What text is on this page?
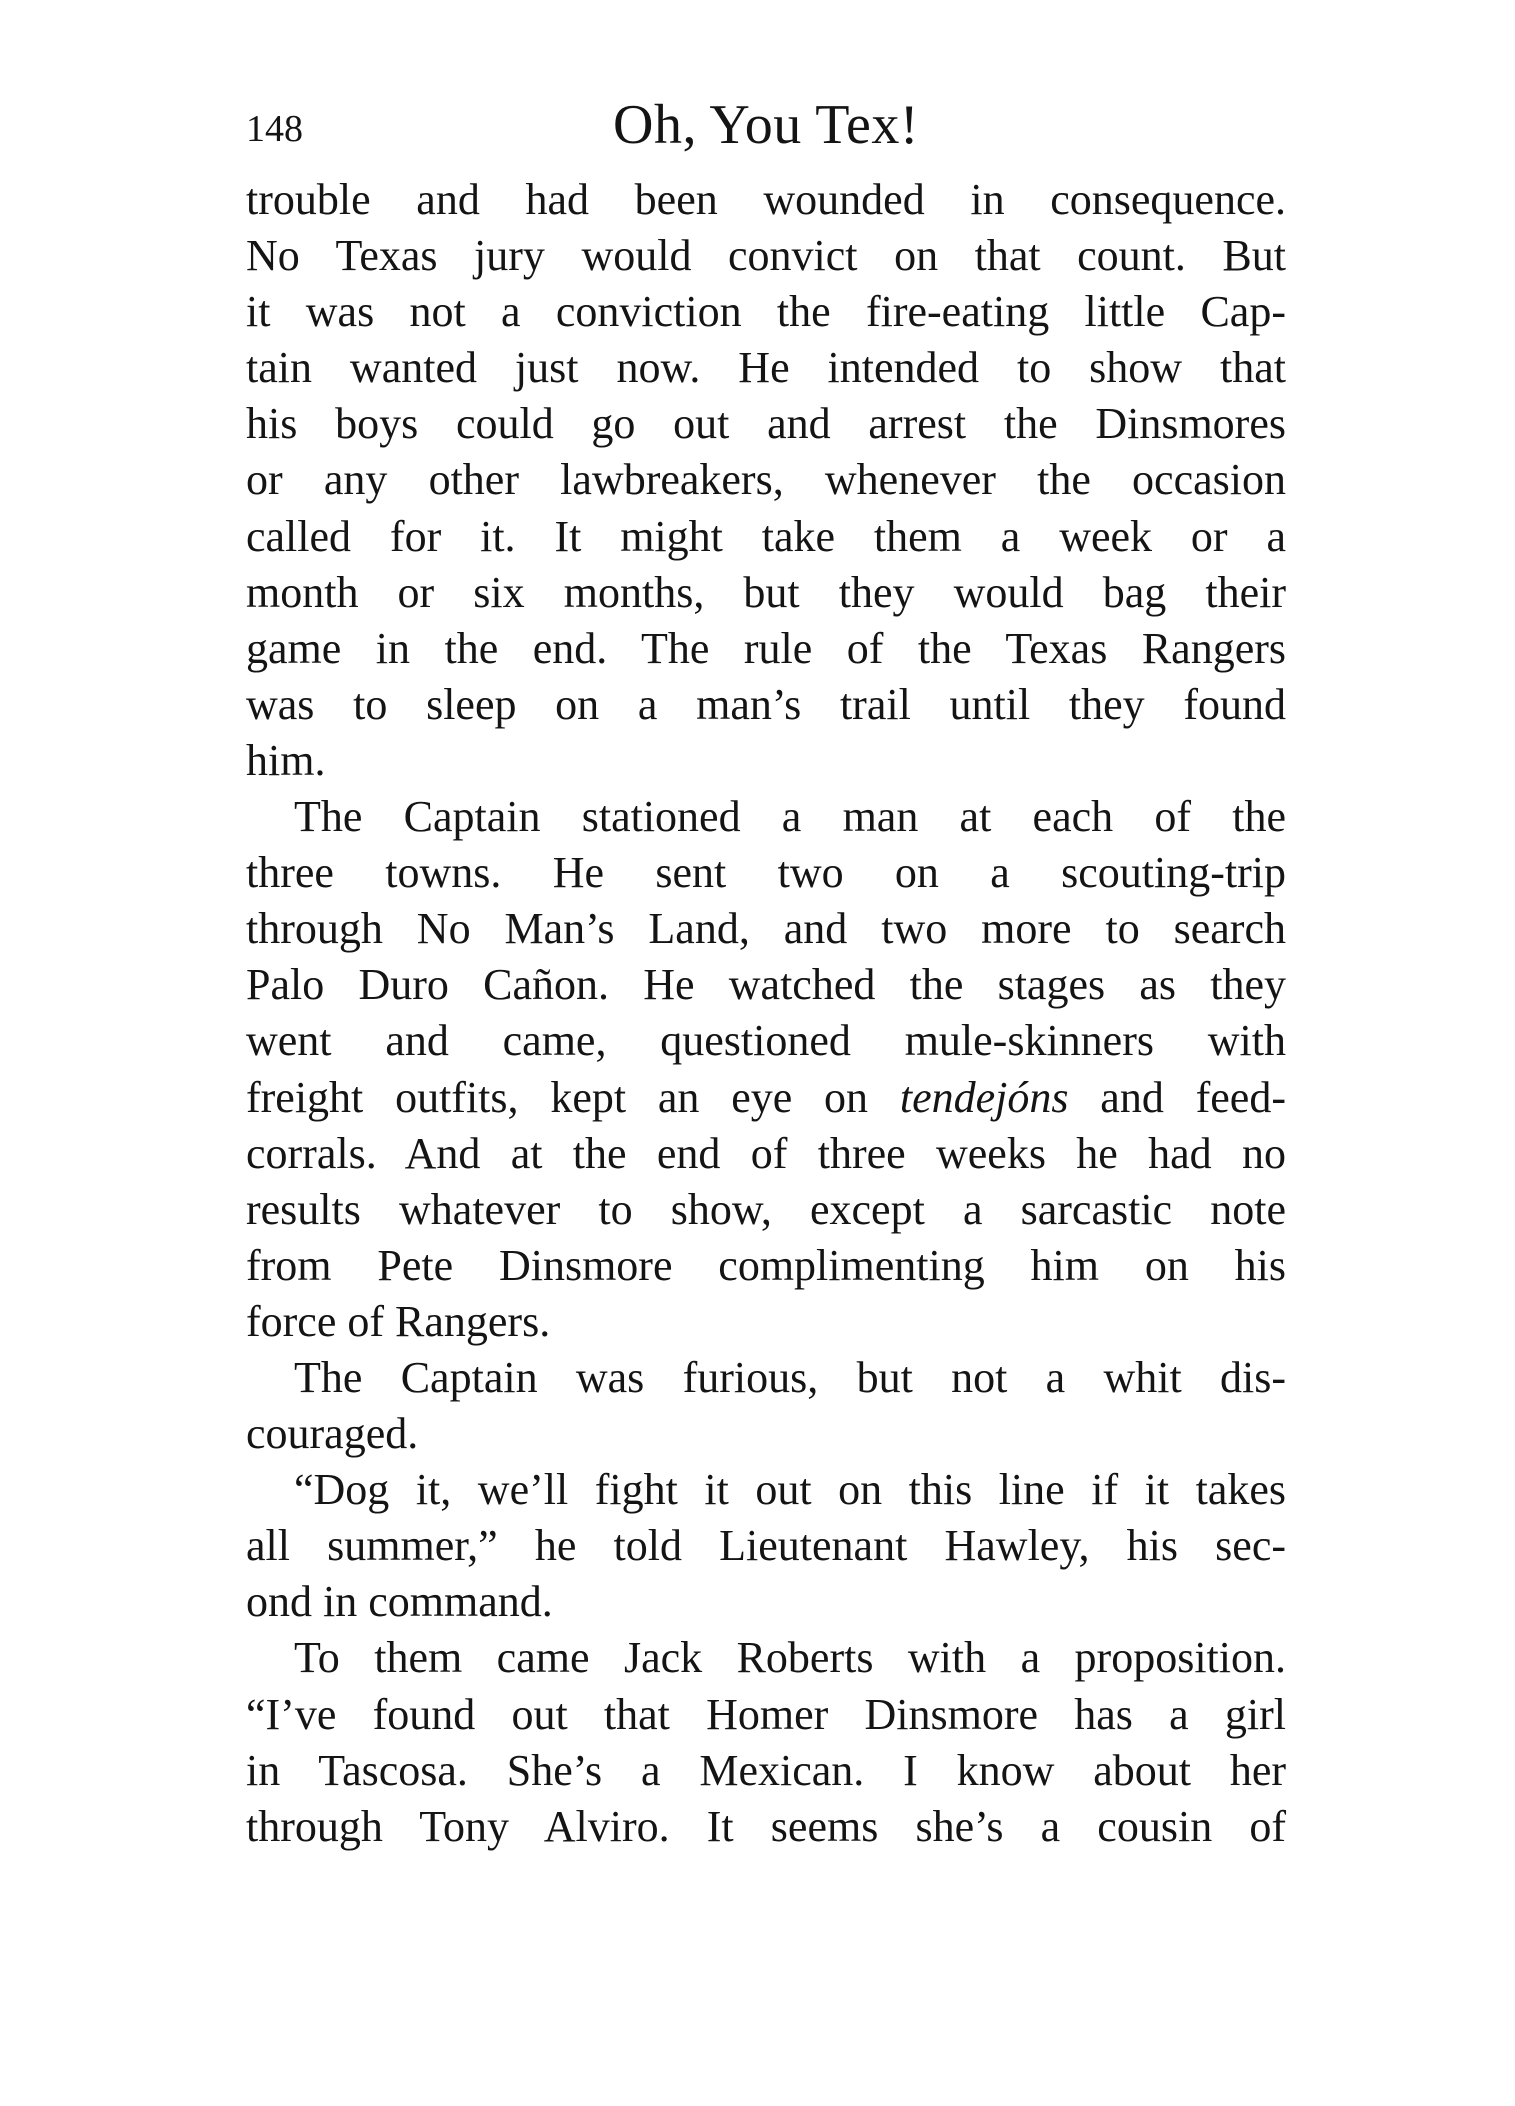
148	Oh, You Tex!
trouble and had been wounded in consequence.
No Texas jury would convict on that count. But
it was not a conviction the fire-eating little Cap-
tain wanted just now. He intended to show that
his boys could go out and arrest the Dinsmores
or any other lawbreakers, whenever the occasion
called for it. It might take them a week or a
month or six months, but they would bag their
game in the end. The rule of the Texas Rangers
was to sleep on a man’s trail until they found
him.
The Captain stationed a man at each of the
three towns. He sent two on a scouting-trip
through No Man’s Land, and two more to search
Palo Duro Cañon. He watched the stages as they
went and came, questioned mule-skinners with
freight outfits, kept an eye on tendejóns and feed-
corrals. And at the end of three weeks he had no
results whatever to show, except a sarcastic note
from Pete Dinsmore complimenting him on his
force of Rangers.
The Captain was furious, but not a whit dis-
couraged.
“Dog it, we’ll fight it out on this line if it takes
all summer,” he told Lieutenant Hawley, his sec-
ond in command.
To them came Jack Roberts with a proposition.
“I’ve found out that Homer Dinsmore has a girl
in Tascosa. She’s a Mexican. I know about her
through Tony Alviro. It seems she’s a cousin of
